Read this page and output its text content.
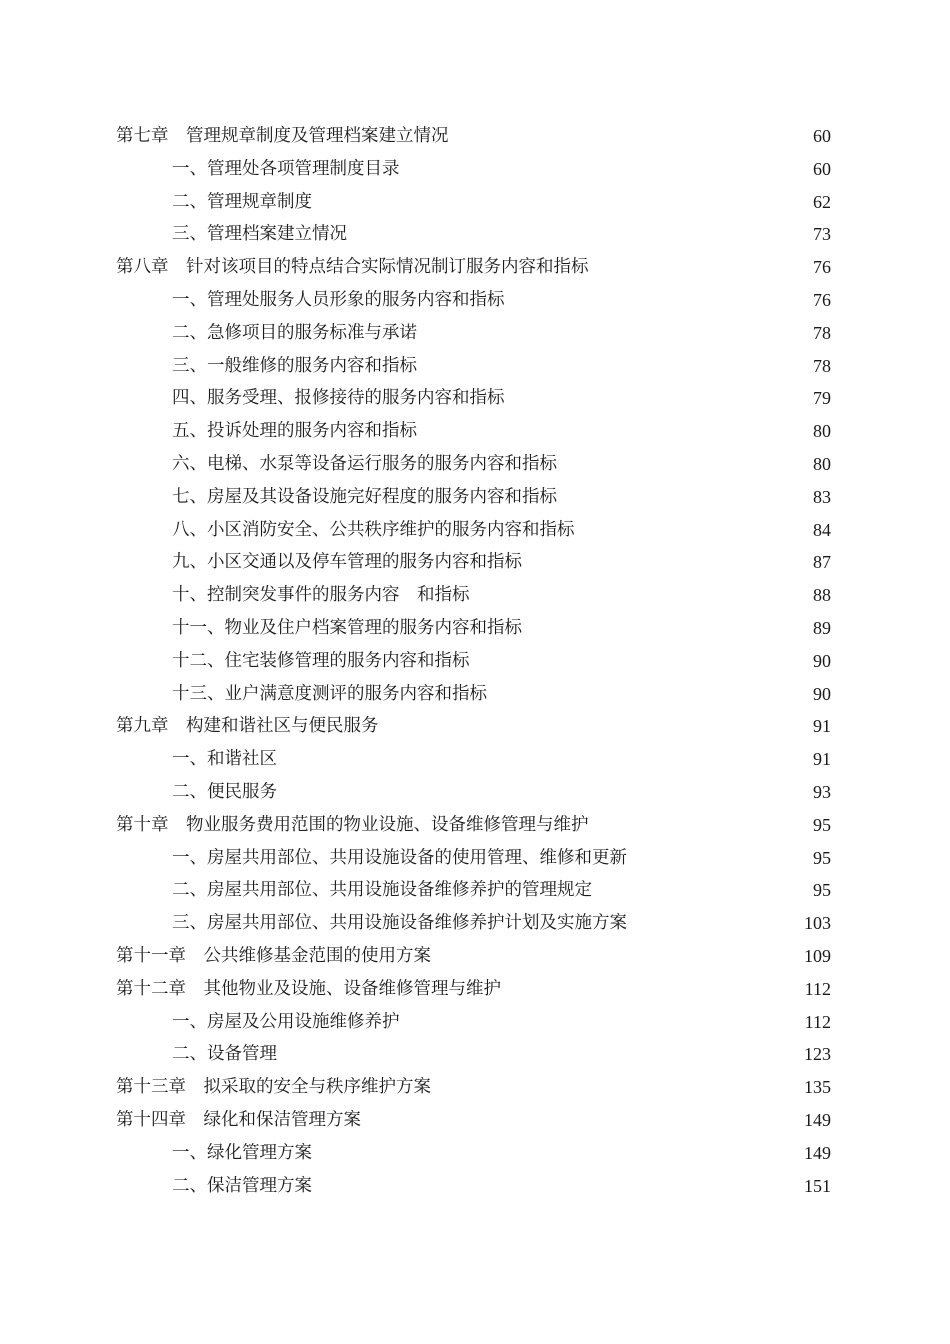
第七章　管理规章制度及管理档案建立情况	60
一、管理处各项管理制度目录	60
二、管理规章制度	62
三、管理档案建立情况	73
第八章　针对该项目的特点结合实际情况制订服务内容和指标	76
一、管理处服务人员形象的服务内容和指标	76
二、急修项目的服务标准与承诺	78
三、一般维修的服务内容和指标	78
四、服务受理、报修接待的服务内容和指标	79
五、投诉处理的服务内容和指标	80
六、电梯、水泵等设备运行服务的服务内容和指标	80
七、房屋及其设备设施完好程度的服务内容和指标	83
八、小区消防安全、公共秩序维护的服务内容和指标	84
九、小区交通以及停车管理的服务内容和指标	87
十、控制突发事件的服务内容　和指标	88
十一、物业及住户档案管理的服务内容和指标	89
十二、住宅装修管理的服务内容和指标	90
十三、业户满意度测评的服务内容和指标	90
第九章　构建和谐社区与便民服务	91
一、和谐社区	91
二、便民服务	93
第十章　物业服务费用范围的物业设施、设备维修管理与维护	95
一、房屋共用部位、共用设施设备的使用管理、维修和更新	95
二、房屋共用部位、共用设施设备维修养护的管理规定	95
三、房屋共用部位、共用设施设备维修养护计划及实施方案	103
第十一章　公共维修基金范围的使用方案	109
第十二章　其他物业及设施、设备维修管理与维护	112
一、房屋及公用设施维修养护	112
二、设备管理	123
第十三章　拟采取的安全与秩序维护方案	135
第十四章　绿化和保洁管理方案	149
一、绿化管理方案	149
二、保洁管理方案	151
